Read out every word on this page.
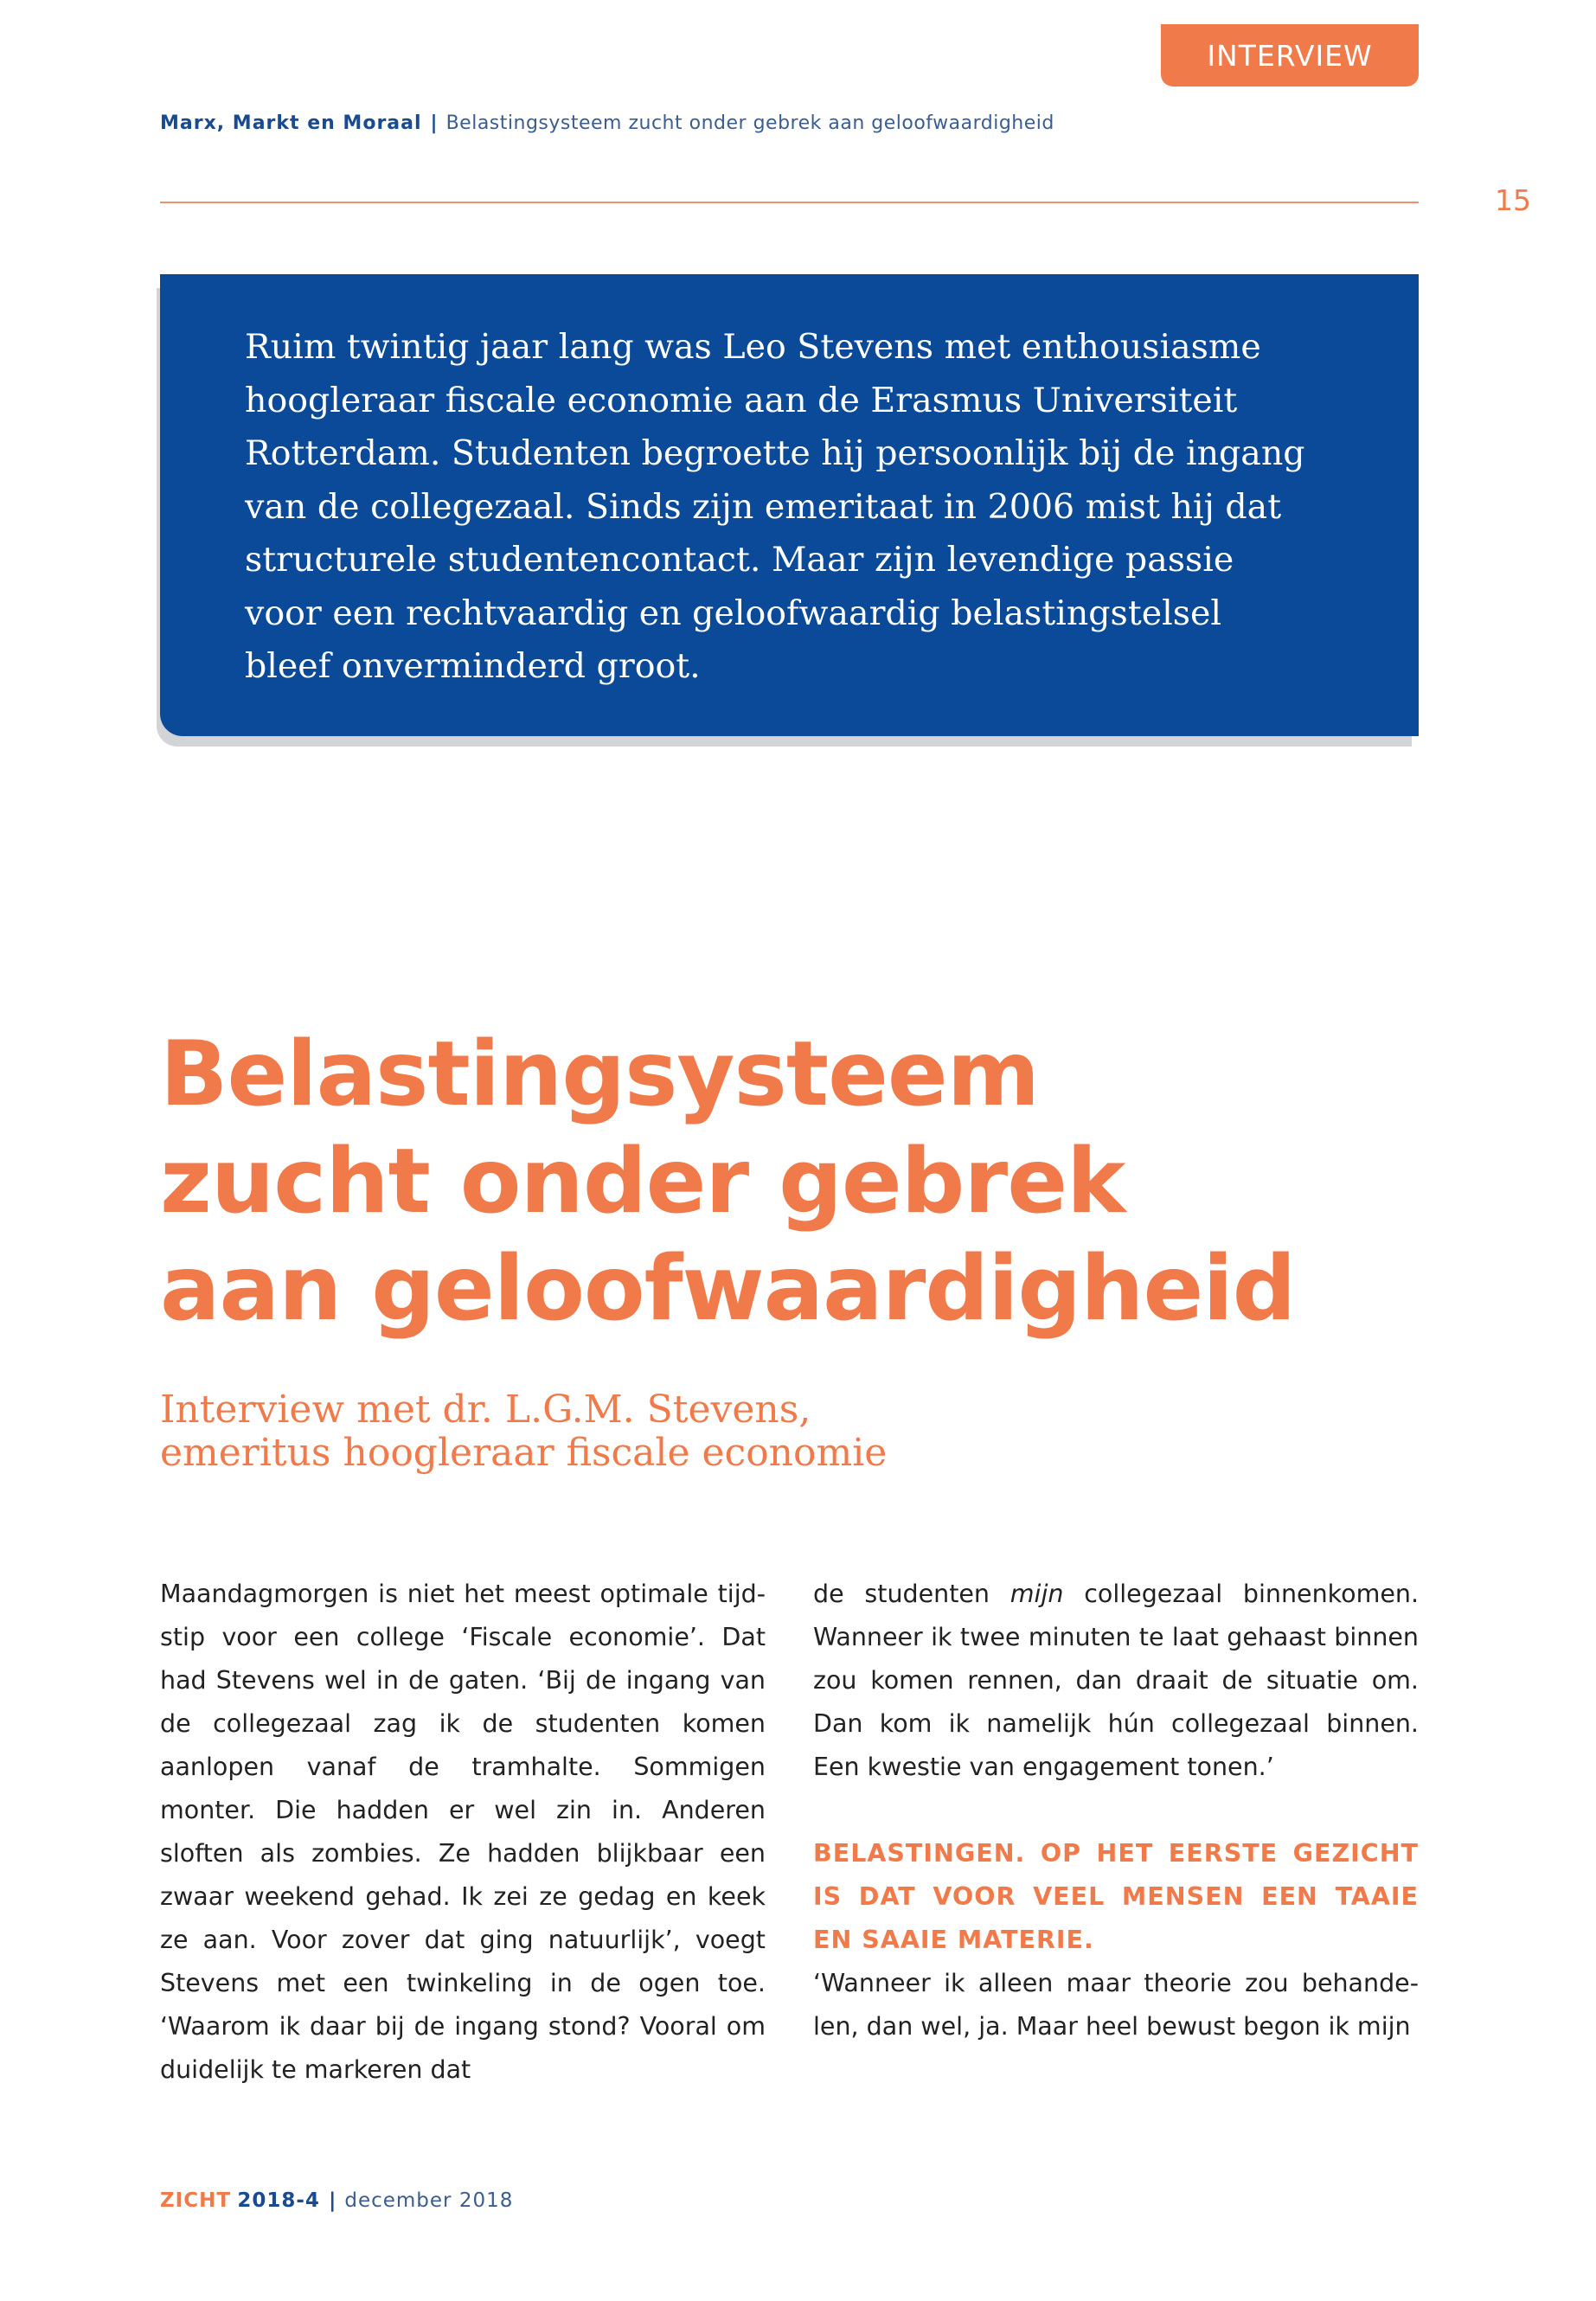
INTERVIEW
Marx, Markt en Moraal | Belastingsysteem zucht onder gebrek aan geloofwaardigheid
15
Ruim twintig jaar lang was Leo Stevens met enthousiasme hoogleraar fiscale economie aan de Erasmus Universiteit Rotterdam. Studenten begroette hij persoonlijk bij de ingang van de collegezaal. Sinds zijn emeritaat in 2006 mist hij dat structurele studentencontact. Maar zijn levendige passie voor een rechtvaardig en geloofwaardig belastingstelsel bleef onverminderd groot.
Belastingsysteem
zucht onder gebrek
aan geloofwaardigheid
Interview met dr. L.G.M. Stevens,
emeritus hoogleraar fiscale economie

Maandagmorgen is niet het meest optimale tijdstip voor een college ‘Fiscale economie’. Dat had Stevens wel in de gaten. ‘Bij de ingang van de collegezaal zag ik de studenten komen aanlopen vanaf de tramhalte. Sommigen monter. Die hadden er wel zin in. Anderen sloften als zombies. Ze hadden blijkbaar een zwaar weekend gehad. Ik zei ze gedag en keek ze aan. Voor zover dat ging natuurlijk’, voegt Stevens met een twinkeling in de ogen toe. ‘Waarom ik daar bij de ingang stond? Vooral om duidelijk te markeren dat

de studenten mijn collegezaal binnenkomen. Wanneer ik twee minuten te laat gehaast binnen zou komen rennen, dan draait de situatie om. Dan kom ik namelijk hún collegezaal binnen. Een kwestie van engagement tonen.’

BELASTINGEN. OP HET EERSTE GEZICHT IS DAT VOOR VEEL MENSEN EEN TAAIE EN SAAIE MATERIE.

‘Wanneer ik alleen maar theorie zou behandelen, dan wel, ja. Maar heel bewust begon ik mijn

ZICHT 2018-4 | december 2018
